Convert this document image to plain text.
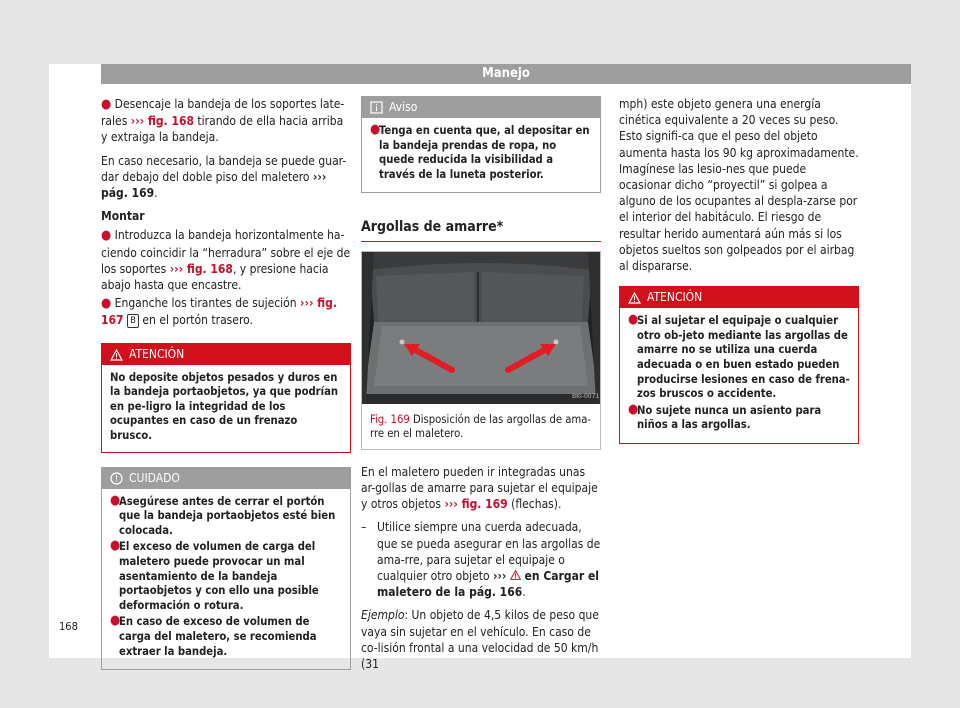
Manejo

● Desencaje la bandeja de los soportes late-rales ››› fig. 168 tirando de ella hacia arriba y extraiga la bandeja.

En caso necesario, la bandeja se puede guar-dar debajo del doble piso del maletero ››› pág. 169.

Montar

● Introduzca la bandeja horizontalmente ha-ciendo coincidir la “herradura” sobre el eje de los soportes ››› fig. 168, y presione hacia abajo hasta que encastre.

● Enganche los tirantes de sujeción ››› fig. 167 B en el portón trasero.

ATENCIÓN
No deposite objetos pesados y duros en la bandeja portaobjetos, ya que podrían en pe-ligro la integridad de los ocupantes en caso de un frenazo brusco.
CUIDADO
●
Asegúrese antes de cerrar el portón que la bandeja portaobjetos esté bien colocada.
●
El exceso de volumen de carga del maletero puede provocar un mal asentamiento de la bandeja portaobjetos y con ello una posible deformación o rotura.
●
En caso de exceso de volumen de carga del maletero, se recomienda extraer la bandeja.
Aviso
●
Tenga en cuenta que, al depositar en la bandeja prendas de ropa, no quede reducida la visibilidad a través de la luneta posterior.
Argollas de amarre*
BKI-0071
Fig. 169 Disposición de las argollas de ama-rre en el maletero.

En el maletero pueden ir integradas unas ar-gollas de amarre para sujetar el equipaje y otros objetos ››› fig. 169 (flechas).

– Utilice siempre una cuerda adecuada, que se pueda asegurar en las argollas de ama-rre, para sujetar el equipaje o cualquier otro objeto ›››  en Cargar el maletero de la pág. 166.

Ejemplo: Un objeto de 4,5 kilos de peso que vaya sin sujetar en el vehículo. En caso de co-lisión frontal a una velocidad de 50 km/h (31

mph) este objeto genera una energía cinética equivalente a 20 veces su peso. Esto signifi-ca que el peso del objeto aumenta hasta los 90 kg aproximadamente. Imagínese las lesio-nes que puede ocasionar dicho “proyectil” si golpea a alguno de los ocupantes al despla-zarse por el interior del habitáculo. El riesgo de resultar herido aumentará aún más si los objetos sueltos son golpeados por el airbag al dispararse.

ATENCIÓN
●
Si al sujetar el equipaje o cualquier otro ob-jeto mediante las argollas de amarre no se utiliza una cuerda adecuada o en buen estado pueden producirse lesiones en caso de frena-zos bruscos o accidente.
●
No sujete nunca un asiento para niños a las argollas.
168
